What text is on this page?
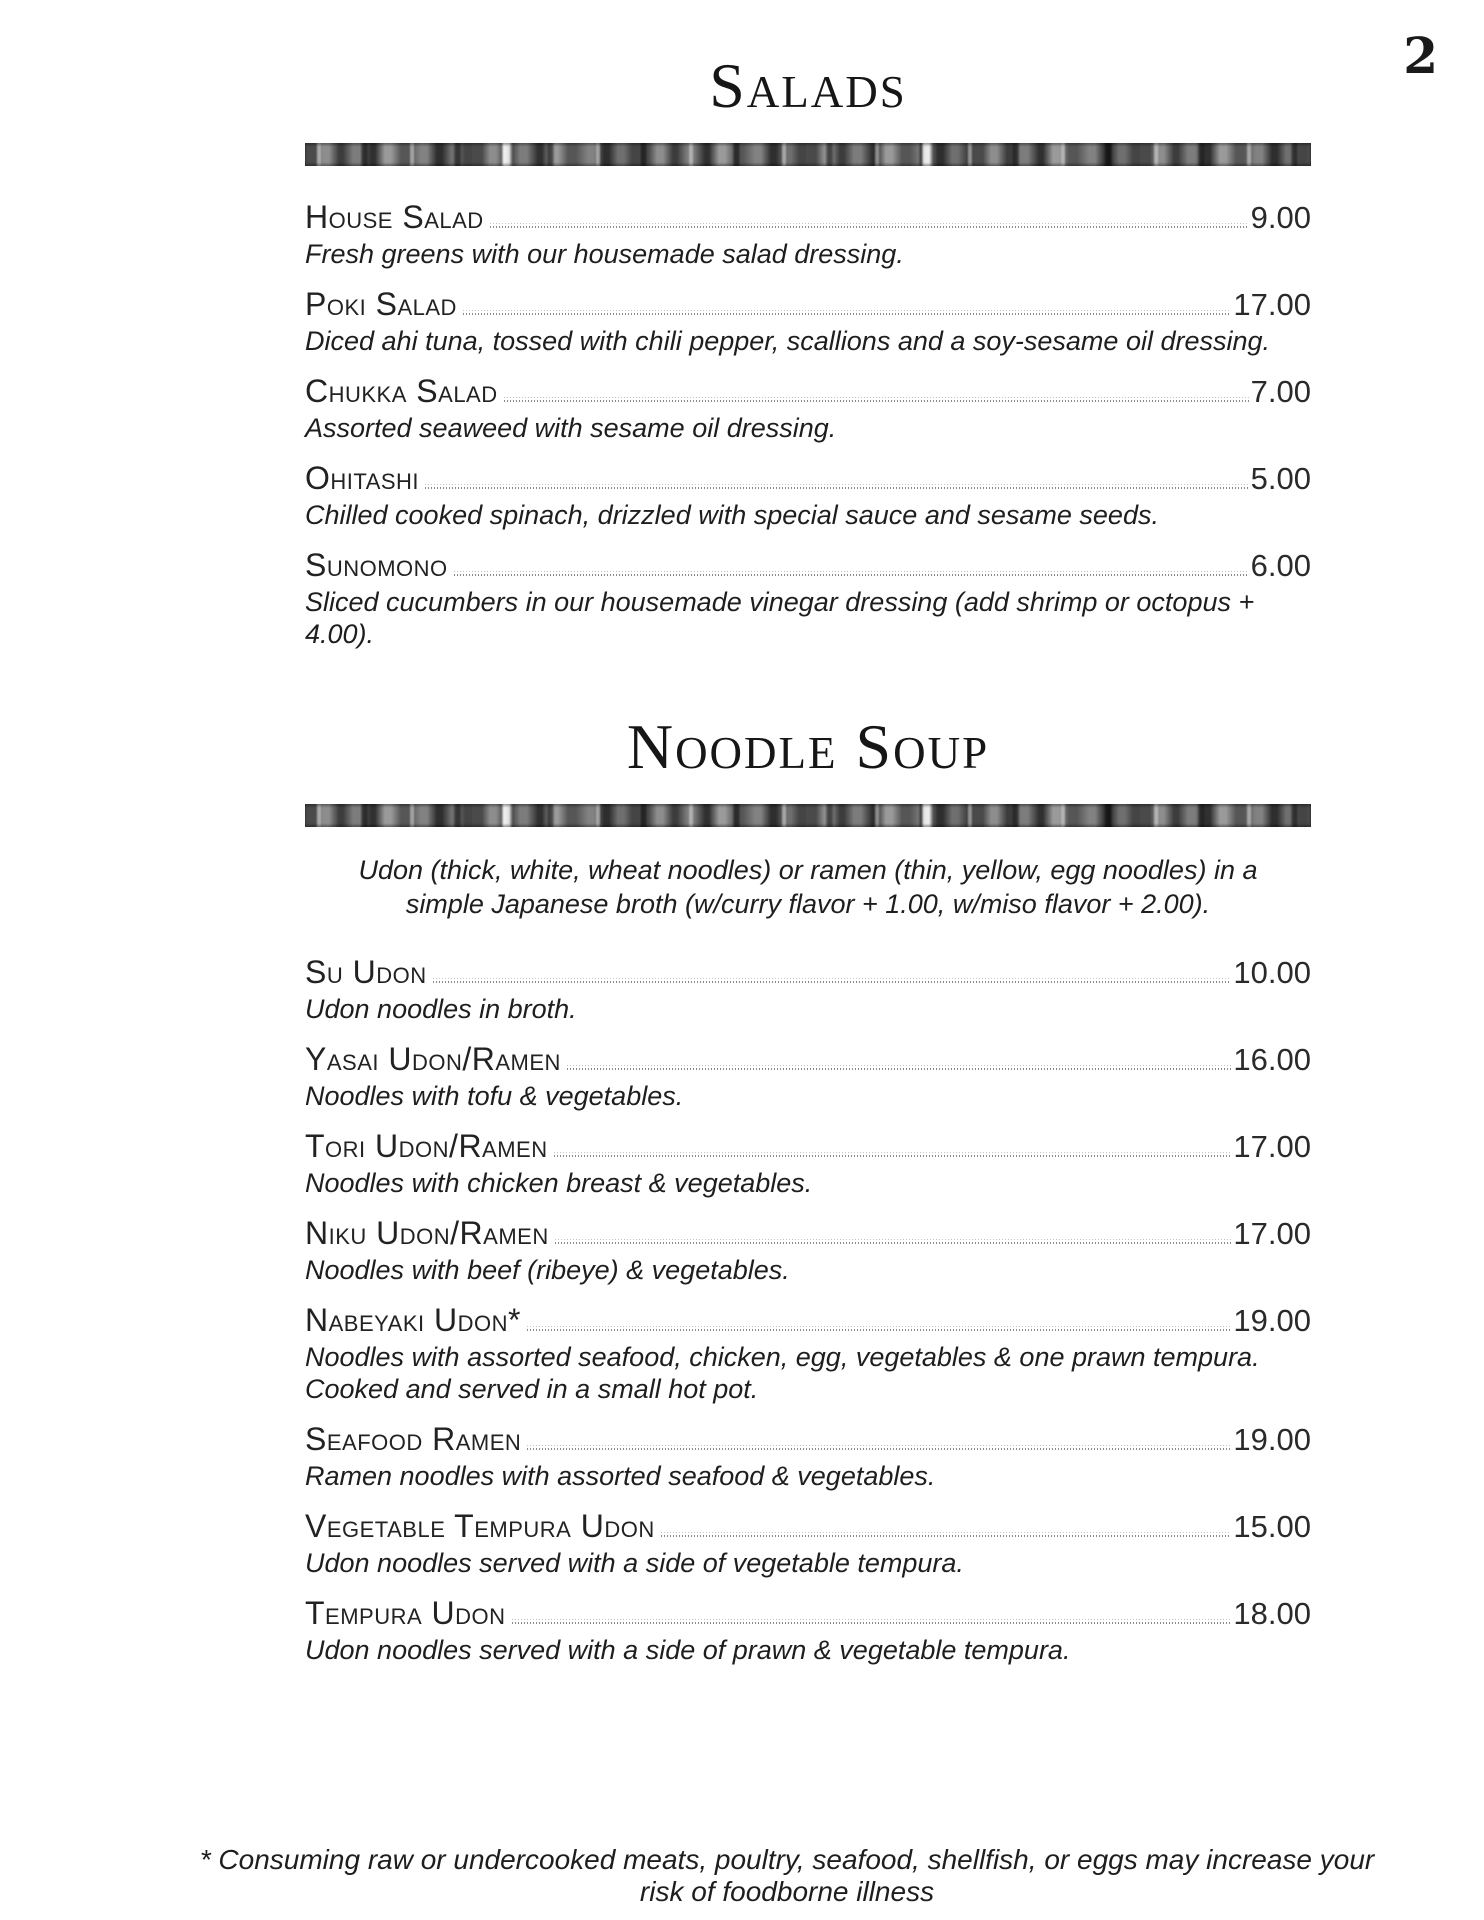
2
Salads
House Salad	9.00
Fresh greens with our housemade salad dressing.
Poki Salad	17.00
Diced ahi tuna, tossed with chili pepper, scallions and a soy-sesame oil dressing.
Chukka Salad	7.00
Assorted seaweed with sesame oil dressing.
Ohitashi	5.00
Chilled cooked spinach, drizzled with special sauce and sesame seeds.
Sunomono	6.00
Sliced cucumbers in our housemade vinegar dressing (add shrimp or octopus + 4.00).
Noodle Soup
Udon (thick, white, wheat noodles) or ramen (thin, yellow, egg noodles) in a
simple Japanese broth (w/curry flavor + 1.00, w/miso flavor + 2.00).
Su Udon	10.00
Udon noodles in broth.
Yasai Udon/Ramen	16.00
Noodles with tofu & vegetables.
Tori Udon/Ramen	17.00
Noodles with chicken breast & vegetables.
Niku Udon/Ramen	17.00
Noodles with beef (ribeye) & vegetables.
Nabeyaki Udon*	19.00
Noodles with assorted seafood, chicken, egg, vegetables & one prawn tempura.
Cooked and served in a small hot pot.
Seafood Ramen	19.00
Ramen noodles with assorted seafood & vegetables.
Vegetable Tempura Udon	15.00
Udon noodles served with a side of vegetable tempura.
Tempura Udon	18.00
Udon noodles served with a side of prawn & vegetable tempura.
* Consuming raw or undercooked meats, poultry, seafood, shellfish, or eggs may increase your risk of foodborne illness
